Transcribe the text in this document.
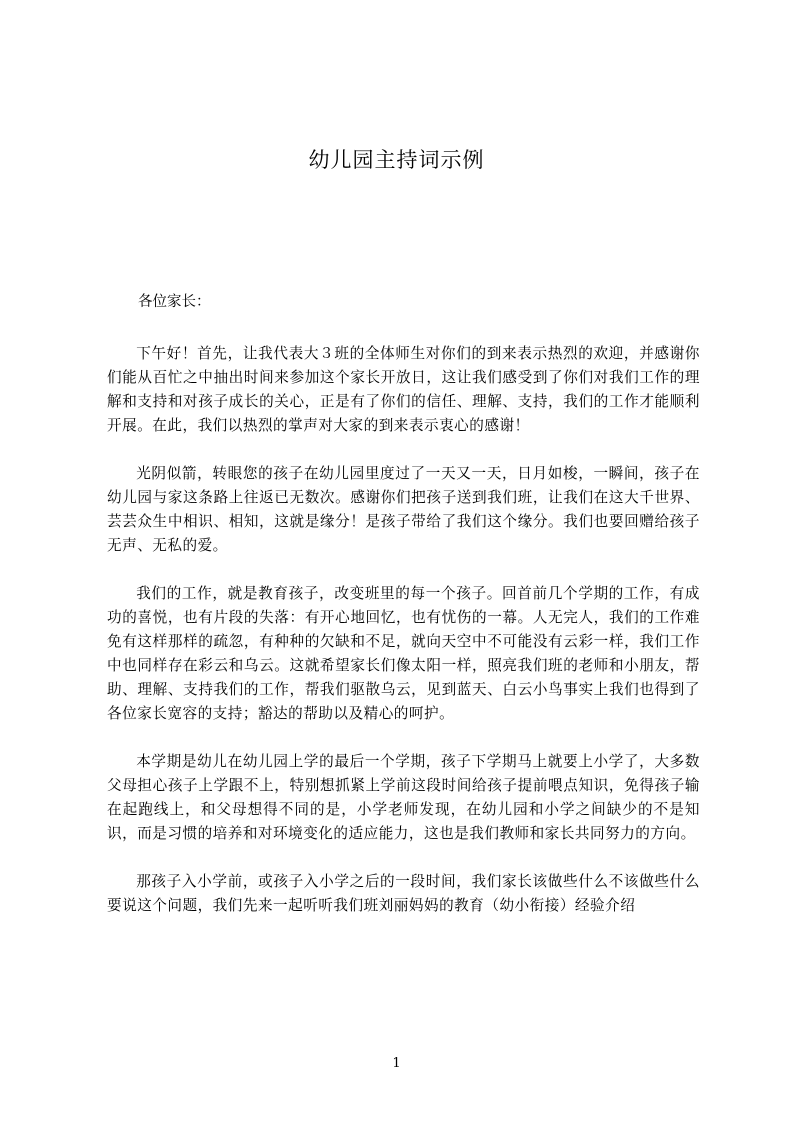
幼儿园主持词示例

各位家长：

下午好！首先，让我代表大３班的全体师生对你们的到来表示热烈的欢迎，并感谢你们能从百忙之中抽出时间来参加这个家长开放日，这让我们感受到了你们对我们工作的理解和支持和对孩子成长的关心，正是有了你们的信任、理解、支持，我们的工作才能顺利开展。在此，我们以热烈的掌声对大家的到来表示衷心的感谢！

光阴似箭，转眼您的孩子在幼儿园里度过了一天又一天，日月如梭，一瞬间，孩子在幼儿园与家这条路上往返已无数次。感谢你们把孩子送到我们班，让我们在这大千世界、芸芸众生中相识、相知，这就是缘分！是孩子带给了我们这个缘分。我们也要回赠给孩子无声、无私的爱。

我们的工作，就是教育孩子，改变班里的每一个孩子。回首前几个学期的工作，有成功的喜悦，也有片段的失落：有开心地回忆，也有忧伤的一幕。人无完人，我们的工作难免有这样那样的疏忽，有种种的欠缺和不足，就向天空中不可能没有云彩一样，我们工作中也同样存在彩云和乌云。这就希望家长们像太阳一样，照亮我们班的老师和小朋友，帮助、理解、支持我们的工作，帮我们驱散乌云，见到蓝天、白云小鸟事实上我们也得到了各位家长宽容的支持；豁达的帮助以及精心的呵护。

本学期是幼儿在幼儿园上学的最后一个学期，孩子下学期马上就要上小学了，大多数父母担心孩子上学跟不上，特别想抓紧上学前这段时间给孩子提前喂点知识，免得孩子输在起跑线上，和父母想得不同的是，小学老师发现，在幼儿园和小学之间缺少的不是知识，而是习惯的培养和对环境变化的适应能力，这也是我们教师和家长共同努力的方向。

那孩子入小学前，或孩子入小学之后的一段时间，我们家长该做些什么不该做些什么要说这个问题，我们先来一起听听我们班刘丽妈妈的教育（幼小衔接）经验介绍

1
